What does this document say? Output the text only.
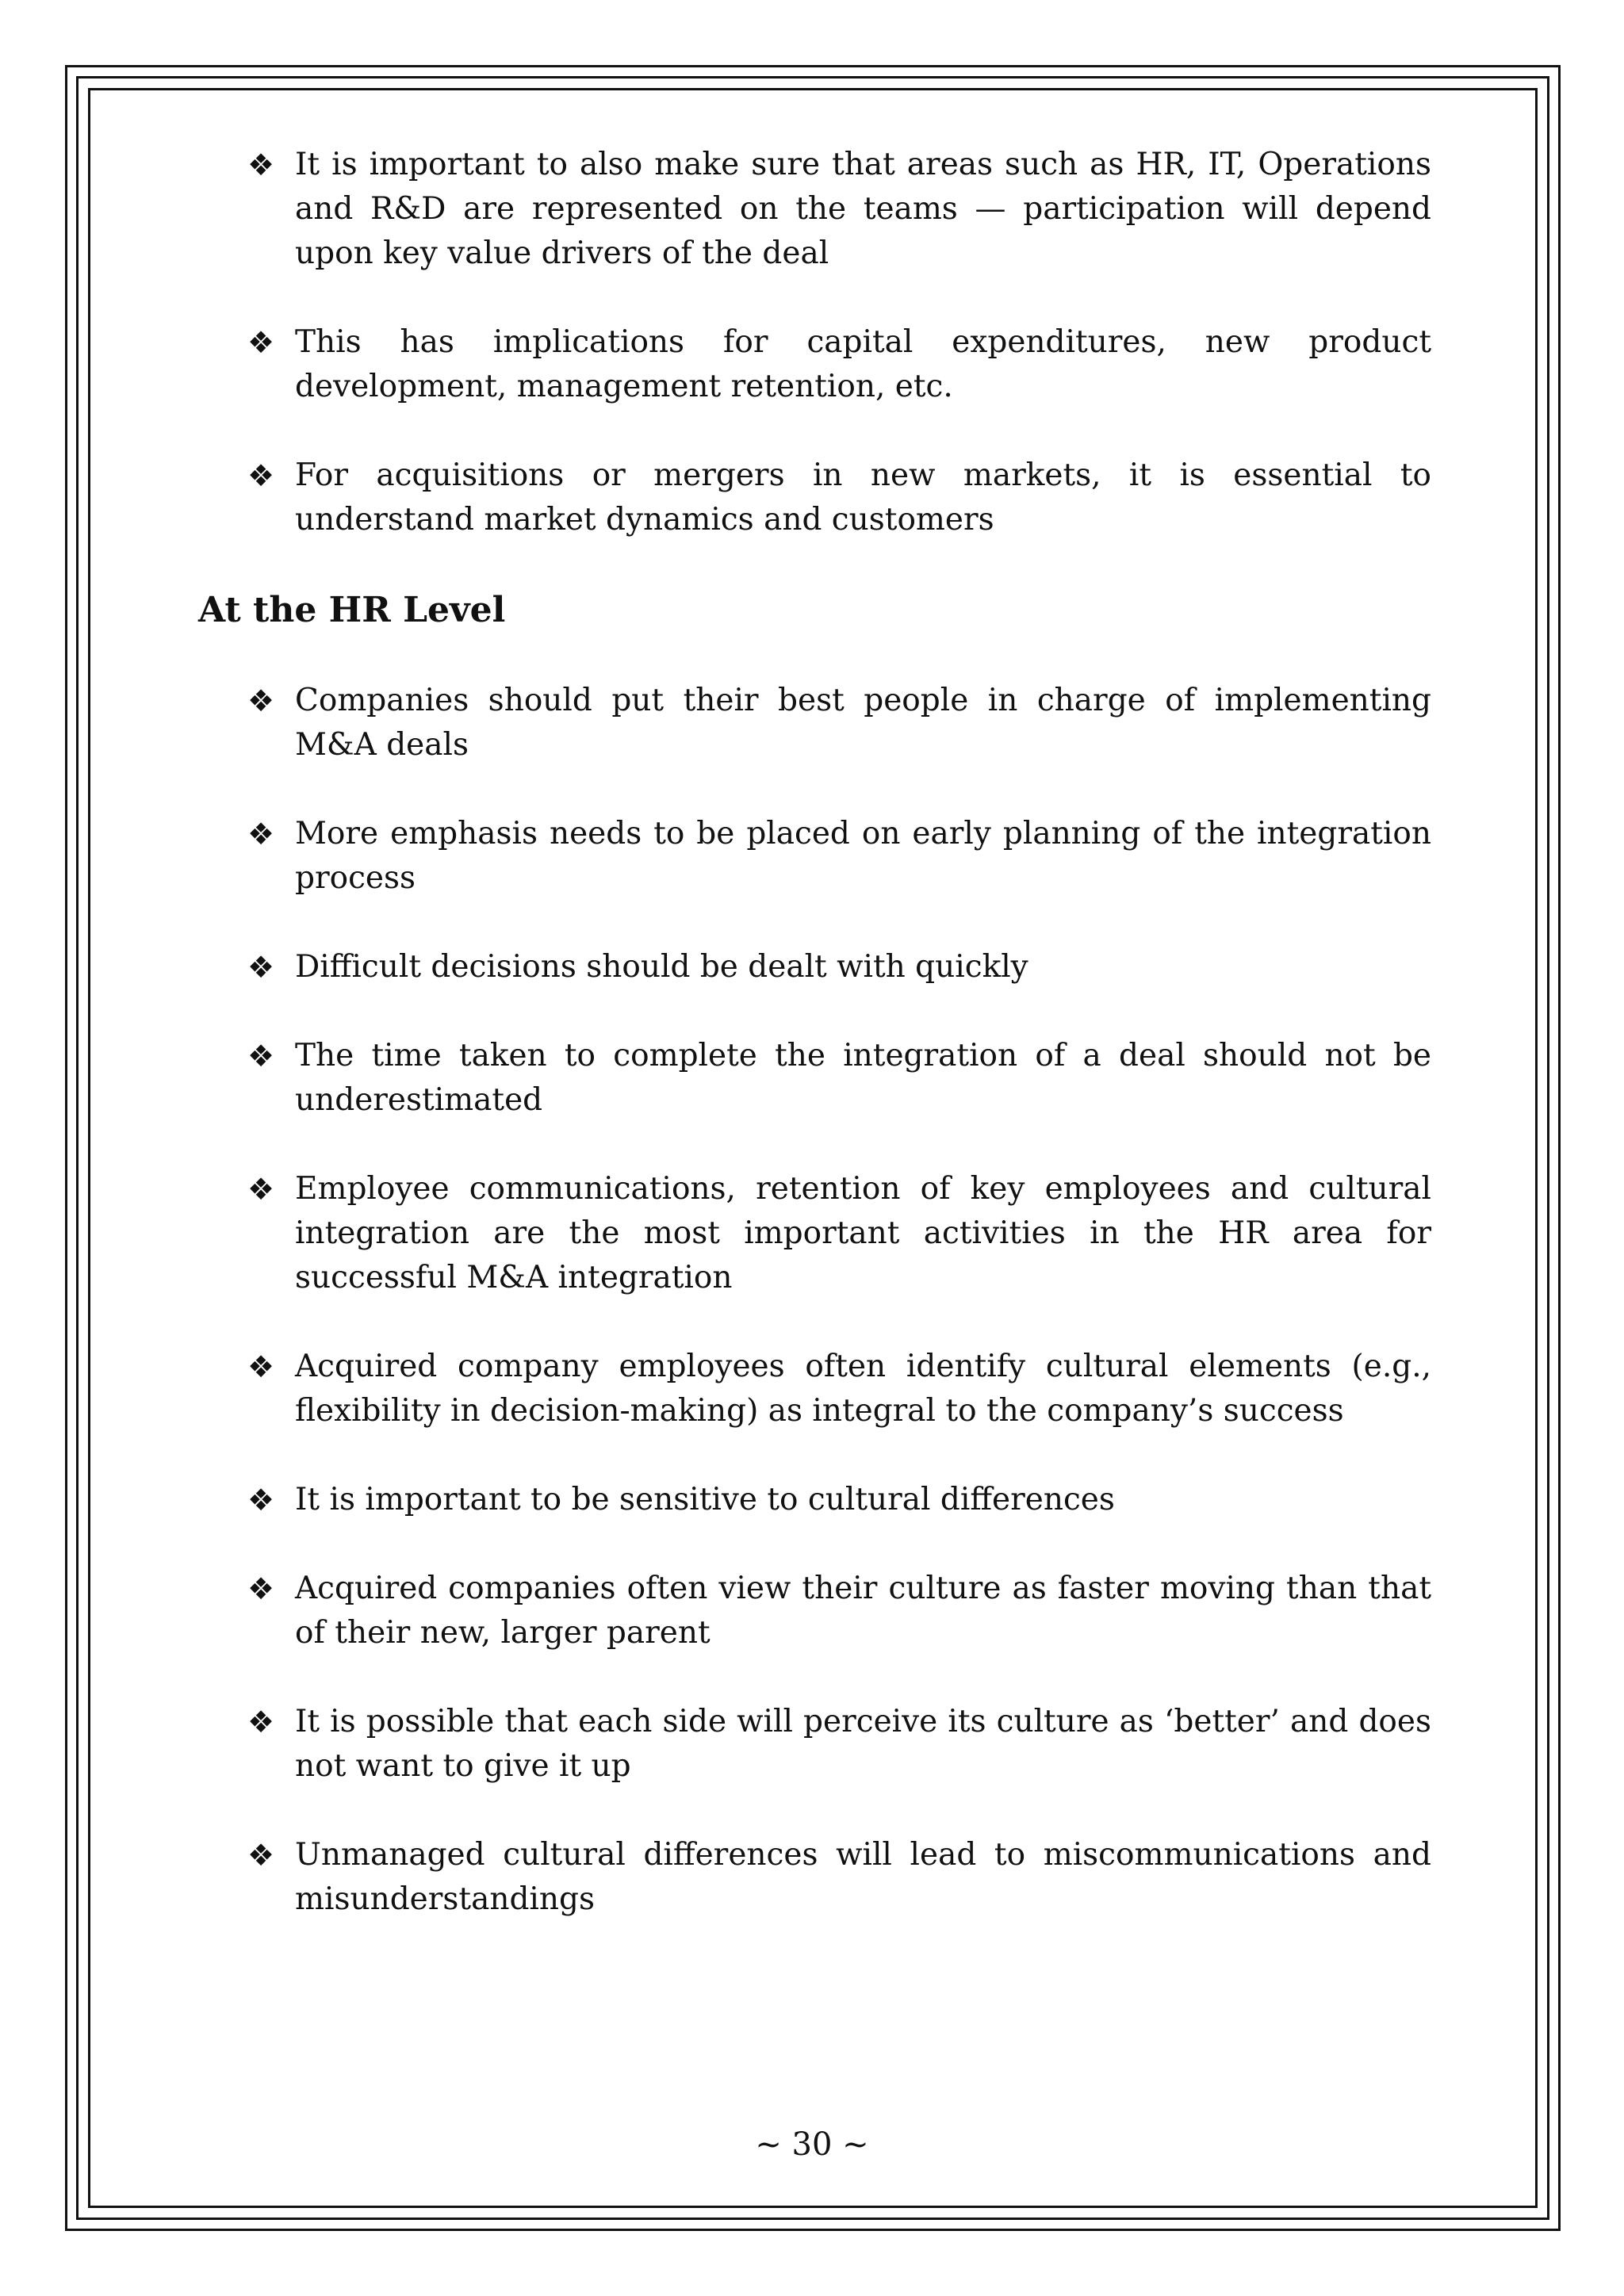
❖ It is important to also make sure that areas such as HR, IT, Operations and R&D are represented on the teams — participation will depend upon key value drivers of the deal
❖ This has implications for capital expenditures, new product development, management retention, etc.
❖ For acquisitions or mergers in new markets, it is essential to understand market dynamics and customers
At the HR Level
❖ Companies should put their best people in charge of implementing M&A deals
❖ More emphasis needs to be placed on early planning of the integration process
❖ Difficult decisions should be dealt with quickly
❖ The time taken to complete the integration of a deal should not be underestimated
❖ Employee communications, retention of key employees and cultural integration are the most important activities in the HR area for successful M&A integration
❖ Acquired company employees often identify cultural elements (e.g., flexibility in decision-making) as integral to the company’s success
❖ It is important to be sensitive to cultural differences
❖ Acquired companies often view their culture as faster moving than that of their new, larger parent
❖ It is possible that each side will perceive its culture as ‘better’ and does not want to give it up
❖ Unmanaged cultural differences will lead to miscommunications and misunderstandings
~ 30 ~
